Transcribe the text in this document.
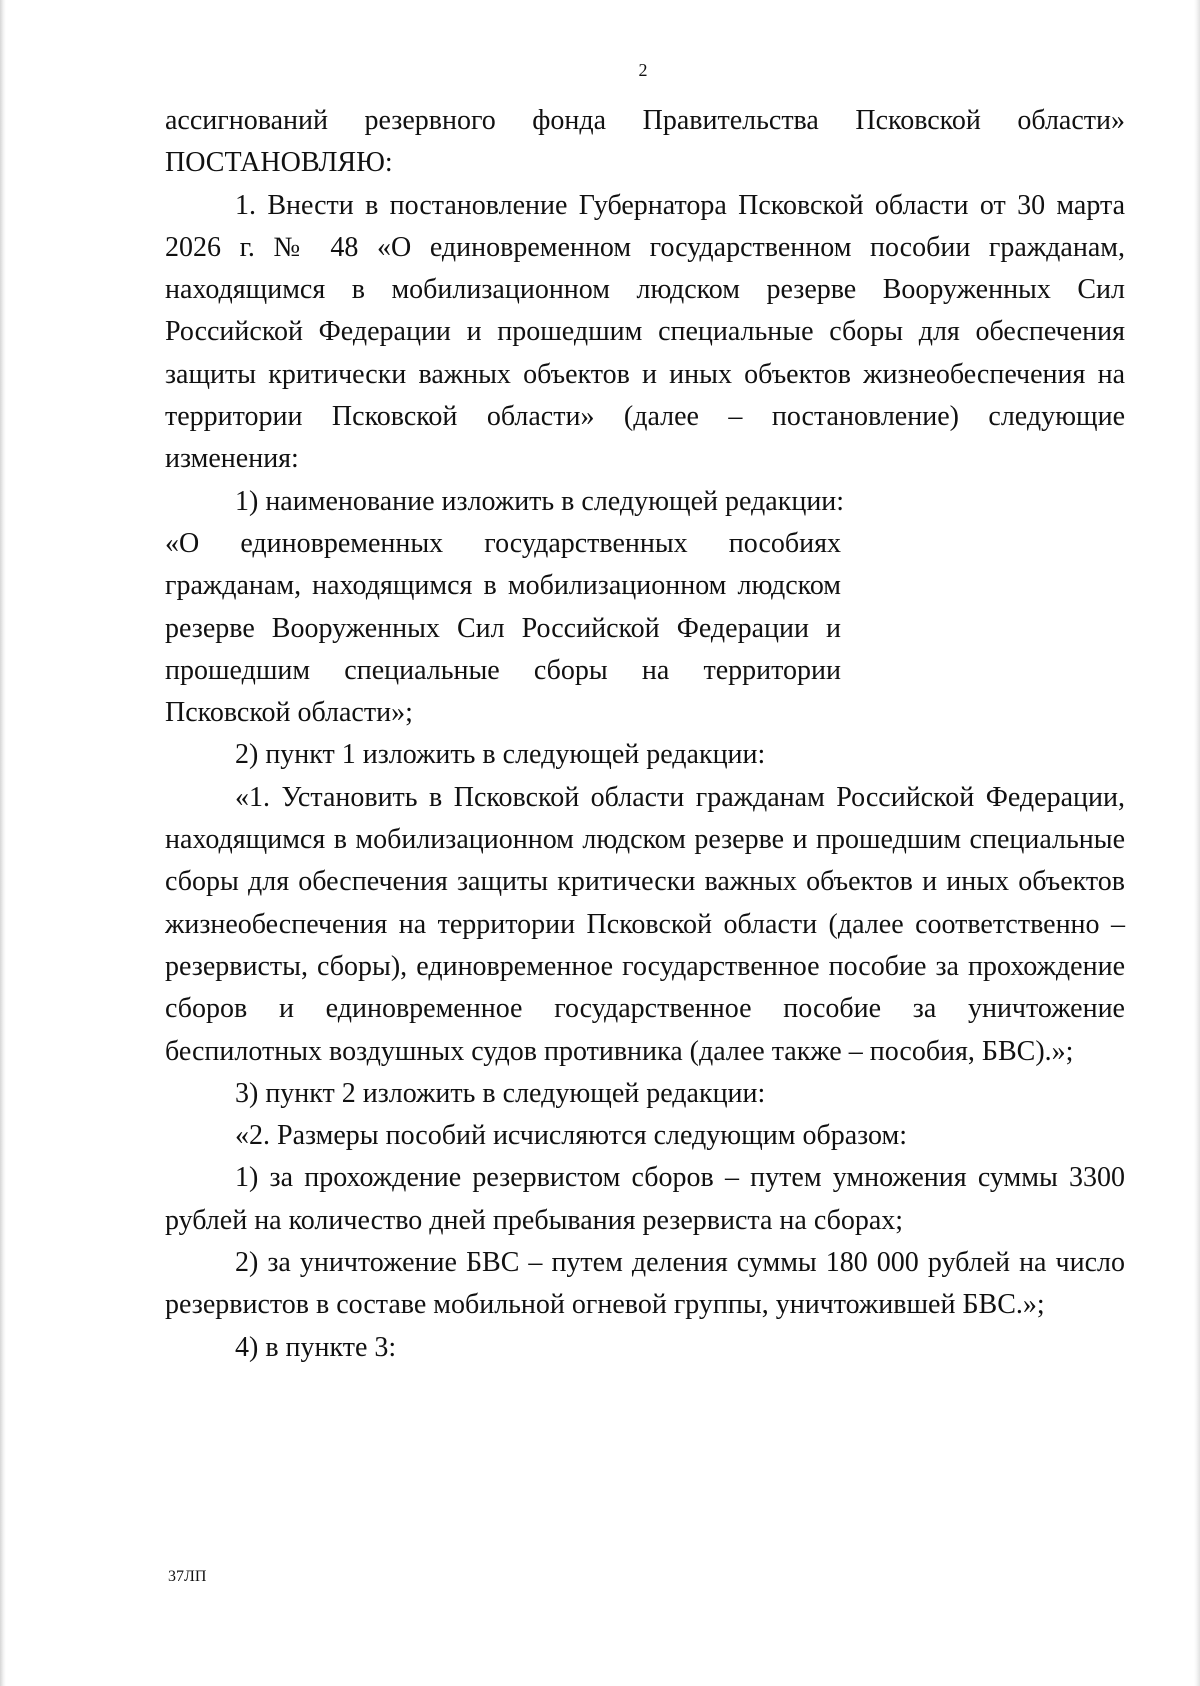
2

ассигнований резервного фонда Правительства Псковской области» ПОСТАНОВЛЯЮ:

1. Внести в постановление Губернатора Псковской области от 30 марта 2026 г. № 48 «О единовременном государственном пособии гражданам, находящимся в мобилизационном людском резерве Вооруженных Сил Российской Федерации и прошедшим специальные сборы для обеспечения защиты критически важных объектов и иных объектов жизнеобеспечения на территории Псковской области» (далее – постановление) следующие изменения:

1) наименование изложить в следующей редакции:

«О единовременных государственных пособиях гражданам, находящимся в мобилизационном людском резерве Вооруженных Сил Российской Федерации и прошедшим специальные сборы на территории Псковской области»;

2) пункт 1 изложить в следующей редакции:

«1. Установить в Псковской области гражданам Российской Федерации, находящимся в мобилизационном людском резерве и прошедшим специальные сборы для обеспечения защиты критически важных объектов и иных объектов жизнеобеспечения на территории Псковской области (далее соответственно – резервисты, сборы), единовременное государственное пособие за прохождение сборов и единовременное государственное пособие за уничтожение беспилотных воздушных судов противника (далее также – пособия, БВС).»;

3) пункт 2 изложить в следующей редакции:

«2. Размеры пособий исчисляются следующим образом:

1) за прохождение резервистом сборов – путем умножения суммы 3300 рублей на количество дней пребывания резервиста на сборах;

2) за уничтожение БВС – путем деления суммы 180 000 рублей на число резервистов в составе мобильной огневой группы, уничтожившей БВС.»;

4) в пункте 3:

37ЛП
